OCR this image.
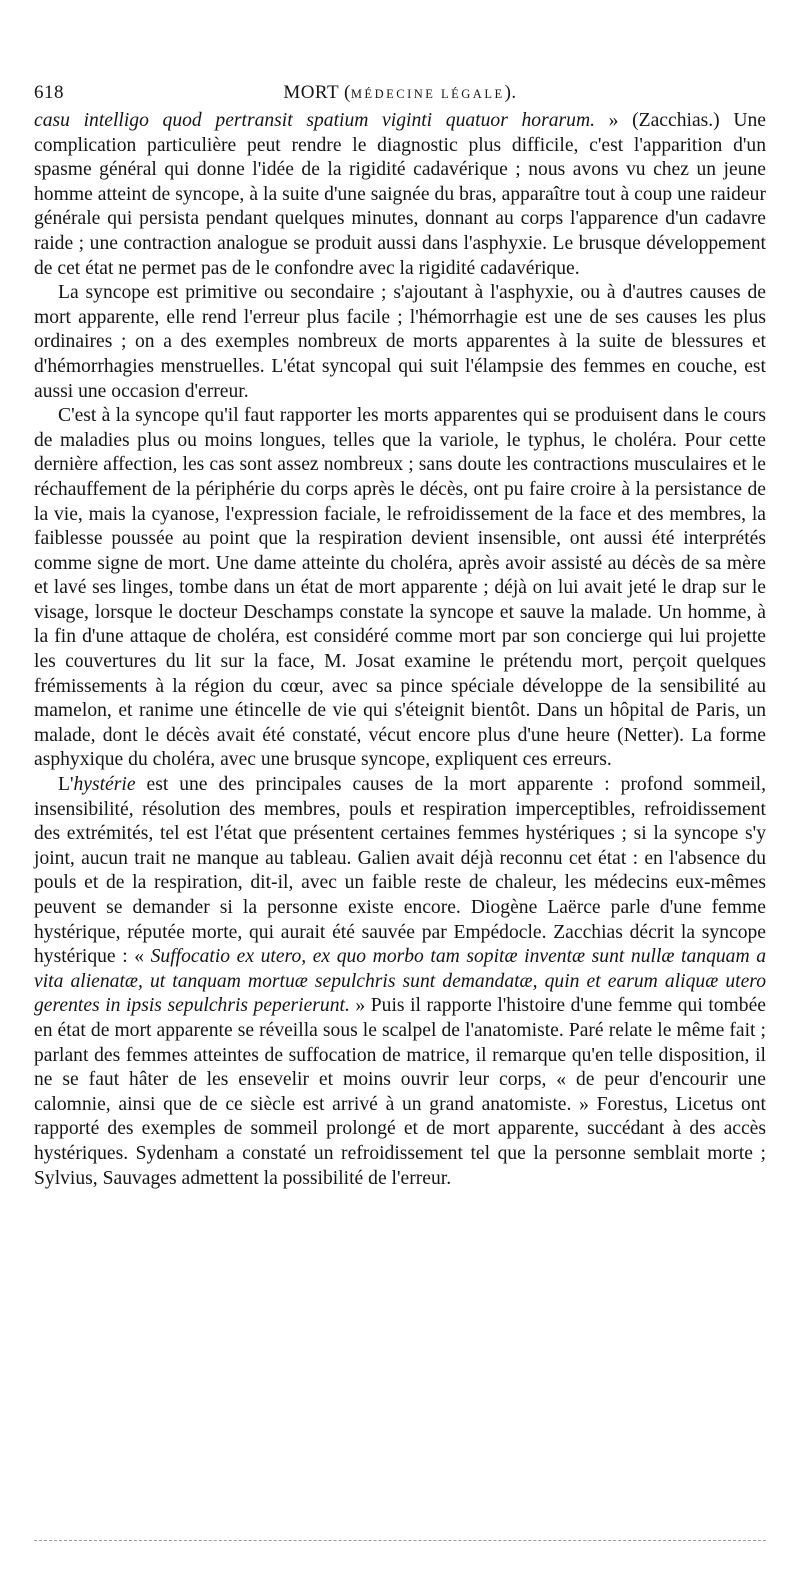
618	MORT (MÉDECINE LÉGALE).

casu intelligo quod pertransit spatium viginti quatuor horarum. » (Zacchias.) Une complication particulière peut rendre le diagnostic plus difficile, c'est l'apparition d'un spasme général qui donne l'idée de la rigidité cadavérique ; nous avons vu chez un jeune homme atteint de syncope, à la suite d'une saignée du bras, apparaître tout à coup une raideur générale qui persista pendant quelques minutes, donnant au corps l'apparence d'un cadavre raide ; une contraction analogue se produit aussi dans l'asphyxie. Le brusque développement de cet état ne permet pas de le confondre avec la rigidité cadavérique.

La syncope est primitive ou secondaire ; s'ajoutant à l'asphyxie, ou à d'autres causes de mort apparente, elle rend l'erreur plus facile ; l'hémorrhagie est une de ses causes les plus ordinaires ; on a des exemples nombreux de morts apparentes à la suite de blessures et d'hémorrhagies menstruelles. L'état syncopal qui suit l'élampsie des femmes en couche, est aussi une occasion d'erreur.

C'est à la syncope qu'il faut rapporter les morts apparentes qui se produisent dans le cours de maladies plus ou moins longues, telles que la variole, le typhus, le choléra. Pour cette dernière affection, les cas sont assez nombreux ; sans doute les contractions musculaires et le réchauffement de la périphérie du corps après le décès, ont pu faire croire à la persistance de la vie, mais la cyanose, l'expression faciale, le refroidissement de la face et des membres, la faiblesse poussée au point que la respiration devient insensible, ont aussi été interprétés comme signe de mort. Une dame atteinte du choléra, après avoir assisté au décès de sa mère et lavé ses linges, tombe dans un état de mort apparente ; déjà on lui avait jeté le drap sur le visage, lorsque le docteur Deschamps constate la syncope et sauve la malade. Un homme, à la fin d'une attaque de choléra, est considéré comme mort par son concierge qui lui projette les couvertures du lit sur la face, M. Josat examine le prétendu mort, perçoit quelques frémissements à la région du cœur, avec sa pince spéciale développe de la sensibilité au mamelon, et ranime une étincelle de vie qui s'éteignit bientôt. Dans un hôpital de Paris, un malade, dont le décès avait été constaté, vécut encore plus d'une heure (Netter). La forme asphyxique du choléra, avec une brusque syncope, expliquent ces erreurs.

L'hystérie est une des principales causes de la mort apparente : profond sommeil, insensibilité, résolution des membres, pouls et respiration imperceptibles, refroidissement des extrémités, tel est l'état que présentent certaines femmes hystériques ; si la syncope s'y joint, aucun trait ne manque au tableau. Galien avait déjà reconnu cet état : en l'absence du pouls et de la respiration, dit-il, avec un faible reste de chaleur, les médecins eux-mêmes peuvent se demander si la personne existe encore. Diogène Laërce parle d'une femme hystérique, réputée morte, qui aurait été sauvée par Empédocle. Zacchias décrit la syncope hystérique : « Suffocatio ex utero, ex quo morbo tam sopitæ inventæ sunt nullæ tanquam a vita alienatæ, ut tanquam mortuæ sepulchris sunt demandatæ, quin et earum aliquæ utero gerentes in ipsis sepulchris peperierunt. » Puis il rapporte l'histoire d'une femme qui tombée en état de mort apparente se réveilla sous le scalpel de l'anatomiste. Paré relate le même fait ; parlant des femmes atteintes de suffocation de matrice, il remarque qu'en telle disposition, il ne se faut hâter de les ensevelir et moins ouvrir leur corps, « de peur d'encourir une calomnie, ainsi que de ce siècle est arrivé à un grand anatomiste. » Forestus, Licetus ont rapporté des exemples de sommeil prolongé et de mort apparente, succédant à des accès hystériques. Sydenham a constaté un refroidissement tel que la personne semblait morte ; Sylvius, Sauvages admettent la possibilité de l'erreur.
